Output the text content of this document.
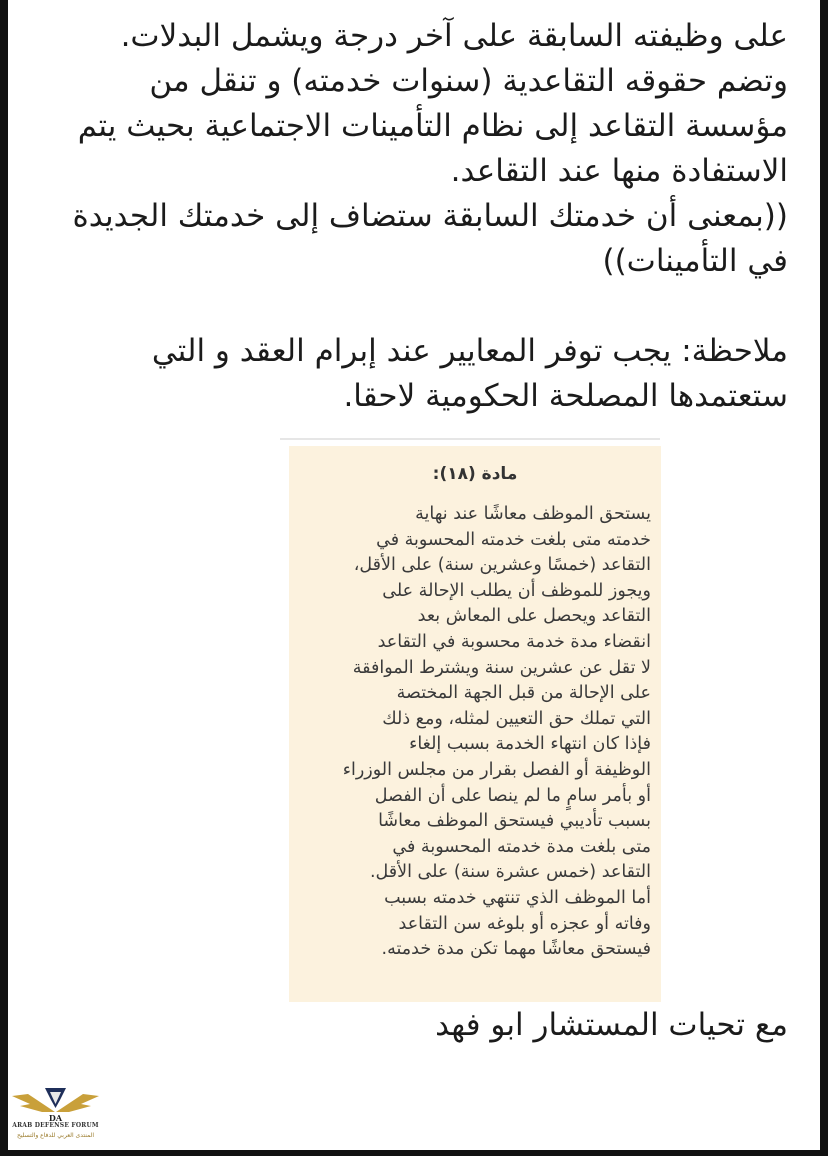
على وظيفته السابقة على آخر درجة ويشمل البدلات.

وتضم حقوقه التقاعدية (سنوات خدمته) و تنقل من مؤسسة التقاعد إلى نظام التأمينات الاجتماعية بحيث يتم الاستفادة منها عند التقاعد.

((بمعنى أن خدمتك السابقة ستضاف إلى خدمتك الجديدة في التأمينات))

ملاحظة: يجب توفر المعايير عند إبرام العقد و التي ستعتمدها المصلحة الحكومية لاحقا.

مادة (١٨):
يستحق الموظف معاشًا عند نهاية
خدمته متى بلغت خدمته المحسوبة في
التقاعد (خمسًا وعشرين سنة) على الأقل،
ويجوز للموظف أن يطلب الإحالة على
التقاعد ويحصل على المعاش بعد
انقضاء مدة خدمة محسوبة في التقاعد
لا تقل عن عشرين سنة ويشترط الموافقة
على الإحالة من قبل الجهة المختصة
التي تملك حق التعيين لمثله، ومع ذلك
فإذا كان انتهاء الخدمة بسبب إلغاء
الوظيفة أو الفصل بقرار من مجلس الوزراء
أو بأمر سامٍ ما لم ينصا على أن الفصل
بسبب تأديبي فيستحق الموظف معاشًا
متى بلغت مدة خدمته المحسوبة في
التقاعد (خمس عشرة سنة) على الأقل.
أما الموظف الذي تنتهي خدمته بسبب
وفاته أو عجزه أو بلوغه سن التقاعد
فيستحق معاشًا مهما تكن مدة خدمته.
مع تحيات المستشار ابو فهد
DA
ARAB DEFENSE FORUM
المنتدى العربي للدفاع والتسليح
